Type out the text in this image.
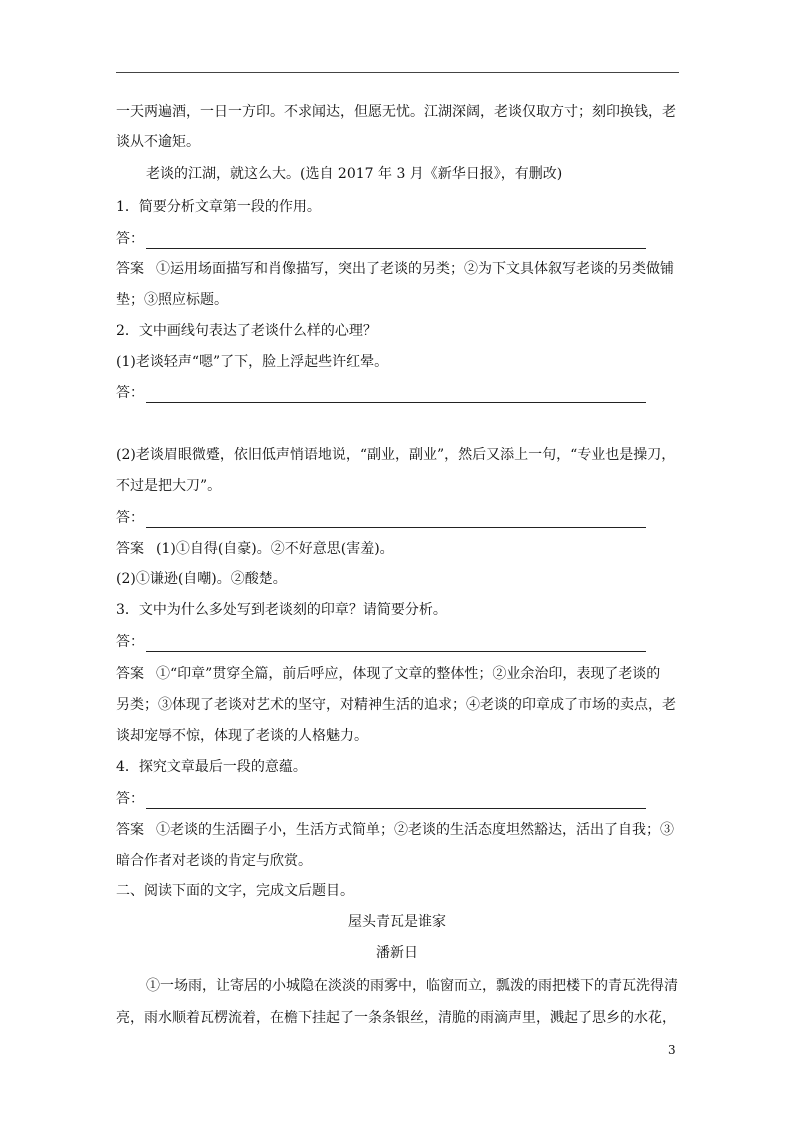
一天两遍酒，一日一方印。不求闻达，但愿无忧。江湖深阔，老谈仅取方寸；刻印换钱，老
谈从不逾矩。
老谈的江湖，就这么大。(选自 2017 年 3 月《新华日报》，有删改)
1．简要分析文章第一段的作用。
答：
答案 ①运用场面描写和肖像描写，突出了老谈的另类；②为下文具体叙写老谈的另类做铺
垫；③照应标题。
2．文中画线句表达了老谈什么样的心理？
(1)老谈轻声“嗯”了下，脸上浮起些许红晕。
答：
(2)老谈眉眼微蹙，依旧低声悄语地说，“副业，副业”，然后又添上一句，“专业也是操刀，
不过是把大刀”。
答：
答案 (1)①自得(自豪)。②不好意思(害羞)。
(2)①谦逊(自嘲)。②酸楚。
3．文中为什么多处写到老谈刻的印章？请简要分析。
答：
答案 ①“印章”贯穿全篇，前后呼应，体现了文章的整体性；②业余治印，表现了老谈的
另类；③体现了老谈对艺术的坚守，对精神生活的追求；④老谈的印章成了市场的卖点，老
谈却宠辱不惊，体现了老谈的人格魅力。
4．探究文章最后一段的意蕴。
答：
答案 ①老谈的生活圈子小，生活方式简单；②老谈的生活态度坦然豁达，活出了自我；③
暗合作者对老谈的肯定与欣赏。
二、阅读下面的文字，完成文后题目。
屋头青瓦是谁家
潘新日
①一场雨，让寄居的小城隐在淡淡的雨雾中，临窗而立，瓢泼的雨把楼下的青瓦洗得清
亮，雨水顺着瓦楞流着，在檐下挂起了一条条银丝，清脆的雨滴声里，溅起了思乡的水花，
3
